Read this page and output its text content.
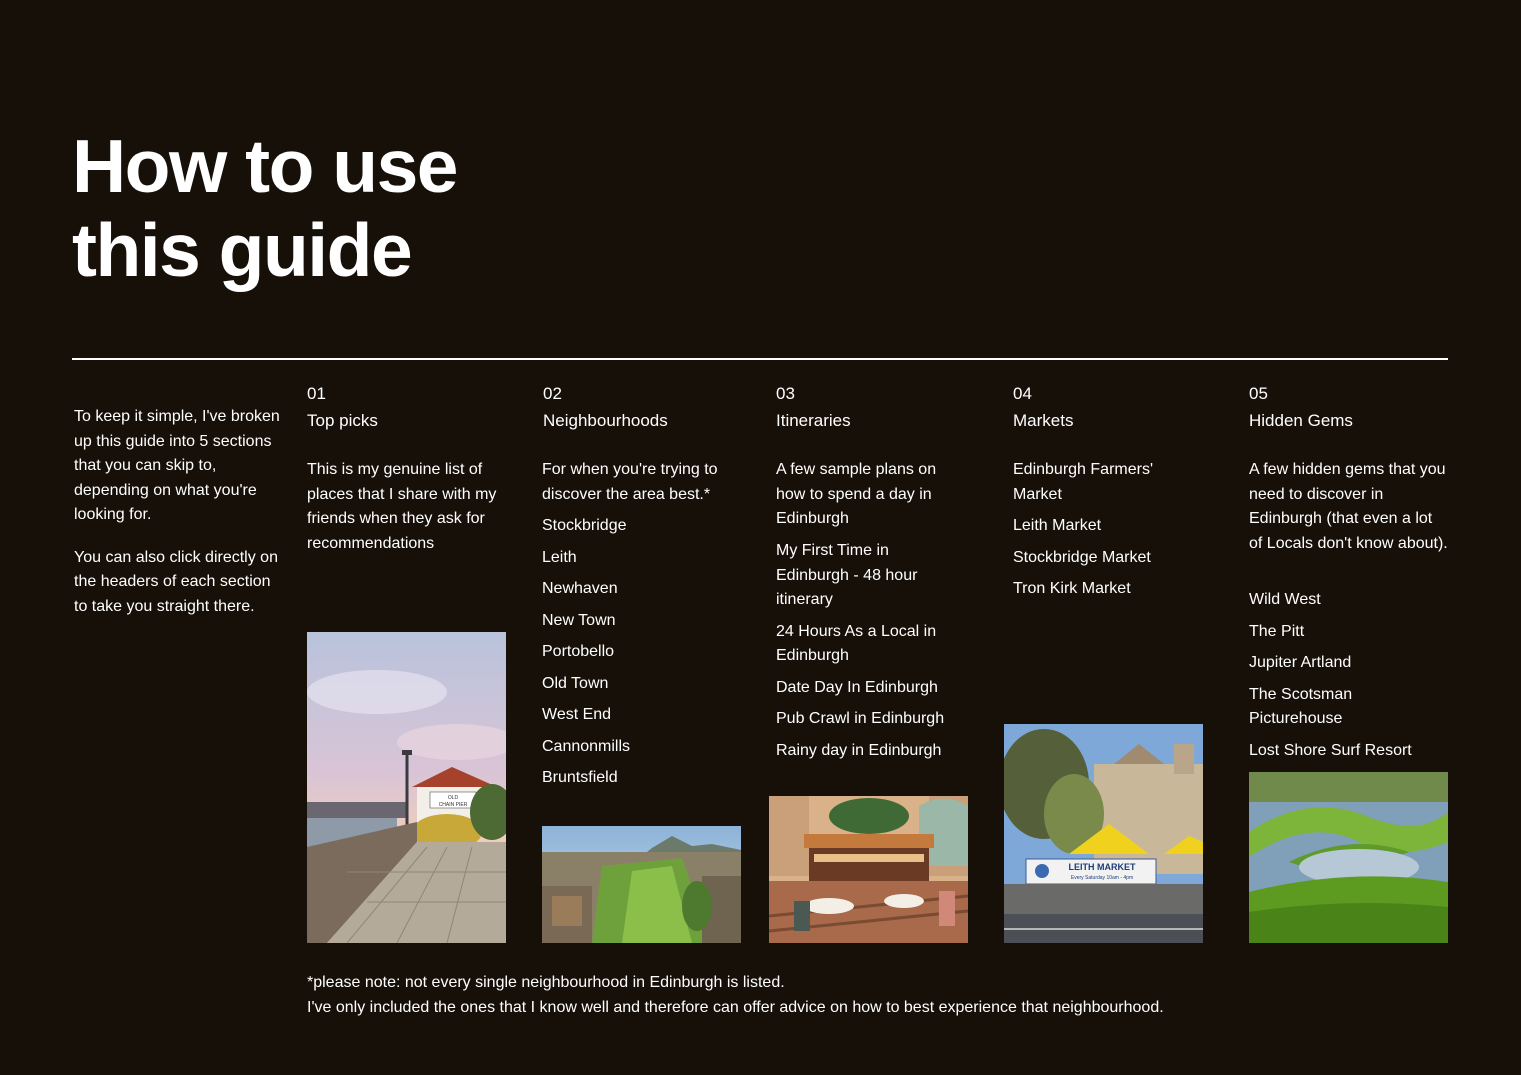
How to use
this guide

To keep it simple, I've broken up this guide into 5 sections that you can skip to, depending on what you're looking for.

You can also click directly on the headers of each section to take you straight there.

01
Top picks

This is my genuine list of places that I share with my friends when they ask for recommendations

02
Neighbourhoods

For when you're trying to discover the area best.*

Stockbridge
Leith
Newhaven
New Town
Portobello
Old Town
West End
Cannonmills
Bruntsfield
03
Itineraries

A few sample plans on how to spend a day in Edinburgh

My First Time in Edinburgh - 48 hour itinerary
24 Hours As a Local in Edinburgh
Date Day In Edinburgh
Pub Crawl in Edinburgh
Rainy day in Edinburgh
04
Markets
Edinburgh Farmers' Market
Leith Market
Stockbridge Market
Tron Kirk Market
05
Hidden Gems

A few hidden gems that you need to discover in Edinburgh (that even a lot of Locals don't know about).

Wild West
The Pitt
Jupiter Artland
The Scotsman Picturehouse
Lost Shore Surf Resort
OLD
CHAIN PIER
LEITH MARKET
Every Saturday 10am - 4pm
*please note: not every single neighbourhood in Edinburgh is listed.
I've only included the ones that I know well and therefore can offer advice on how to best experience that neighbourhood.
